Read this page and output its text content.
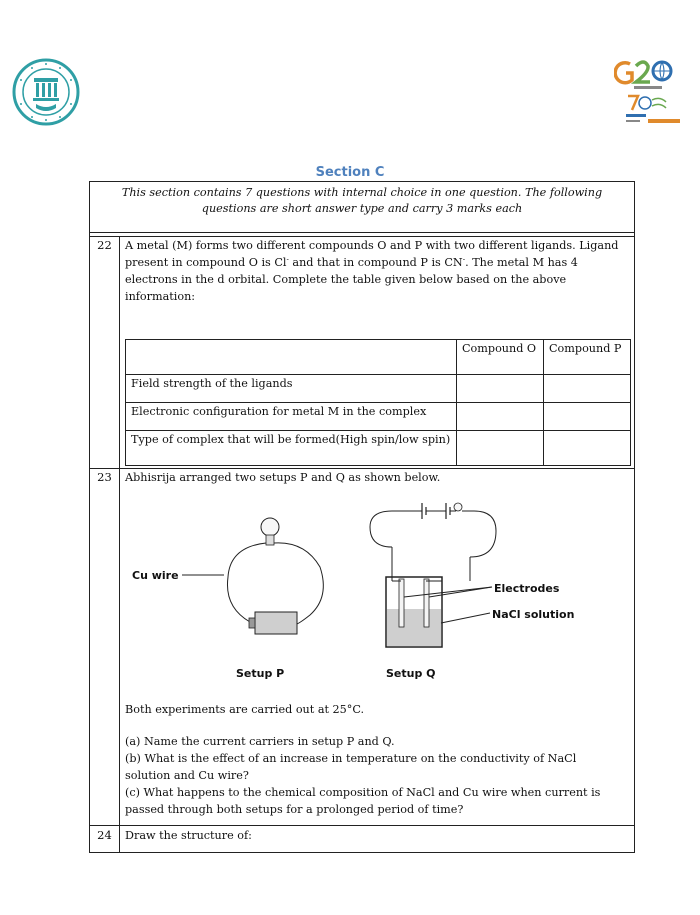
Section C
This section contains 7 questions with internal choice in one question. The following questions are short answer type and carry 3 marks each
22	A metal (M) forms two different compounds O and P with two different ligands. Ligand present in compound O is Cl- and that in compound P is CN-. The metal M has 4 electrons in the d orbital. Complete the table given below based on the above information:
	Compound O	Compound P
Field strength of the ligands		
Electronic configuration for metal M in the complex		
Type of complex that will be formed(High spin/low spin)		
23	Abhisrija arranged two setups P and Q as shown below.
Cu wire
Setup P
Electrodes
NaCl solution
Setup Q
Both experiments are carried out at 25°C.
(a) Name the current carriers in setup P and Q.
(b) What is the effect of an increase in temperature on the conductivity of NaCl solution and Cu wire?
(c) What happens to the chemical composition of NaCl and Cu wire when current is passed through both setups for a prolonged period of time?
24	Draw the structure of:
